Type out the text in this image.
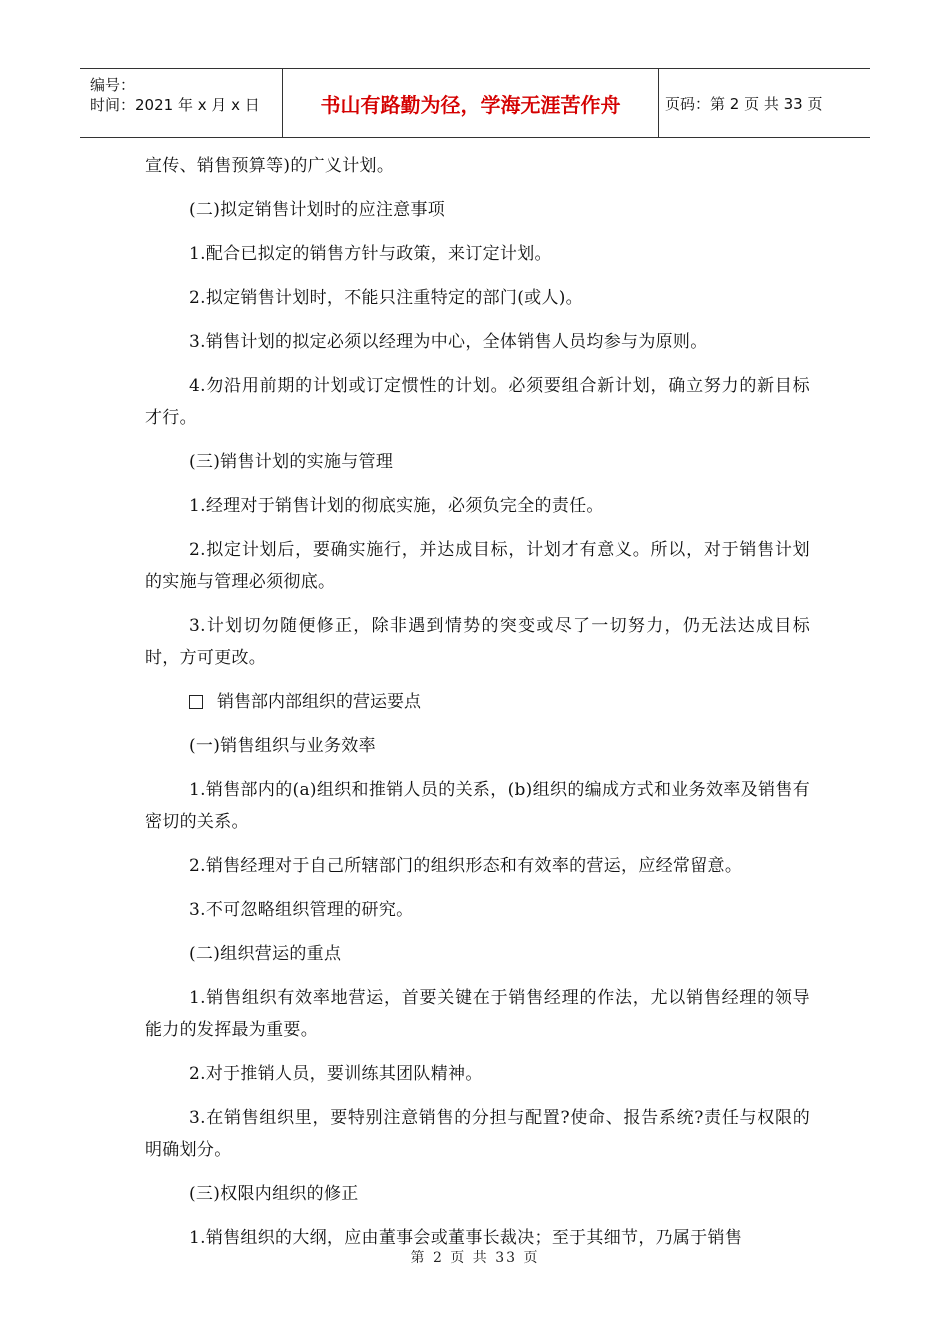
编号：
时间：2021 年 x 月 x 日	书山有路勤为径，学海无涯苦作舟	页码：第 2 页 共 33 页

宣传、销售预算等)的广义计划。

(二)拟定销售计划时的应注意事项

1.配合已拟定的销售方针与政策，来订定计划。

2.拟定销售计划时，不能只注重特定的部门(或人)。

3.销售计划的拟定必须以经理为中心，全体销售人员均参与为原则。

4.勿沿用前期的计划或订定惯性的计划。必须要组合新计划，确立努力的新目标才行。

(三)销售计划的实施与管理

1.经理对于销售计划的彻底实施，必须负完全的责任。

2.拟定计划后，要确实施行，并达成目标，计划才有意义。所以，对于销售计划的实施与管理必须彻底。

3.计划切勿随便修正，除非遇到情势的突变或尽了一切努力，仍无法达成目标时，方可更改。

销售部内部组织的营运要点

(一)销售组织与业务效率

1.销售部内的(a)组织和推销人员的关系，(b)组织的编成方式和业务效率及销售有密切的关系。

2.销售经理对于自己所辖部门的组织形态和有效率的营运，应经常留意。

3.不可忽略组织管理的研究。

(二)组织营运的重点

1.销售组织有效率地营运，首要关键在于销售经理的作法，尤以销售经理的领导能力的发挥最为重要。

2.对于推销人员，要训练其团队精神。

3.在销售组织里，要特别注意销售的分担与配置?使命、报告系统?责任与权限的明确划分。

(三)权限内组织的修正

1.销售组织的大纲，应由董事会或董事长裁决；至于其细节，乃属于销售

第 2 页 共 33 页
